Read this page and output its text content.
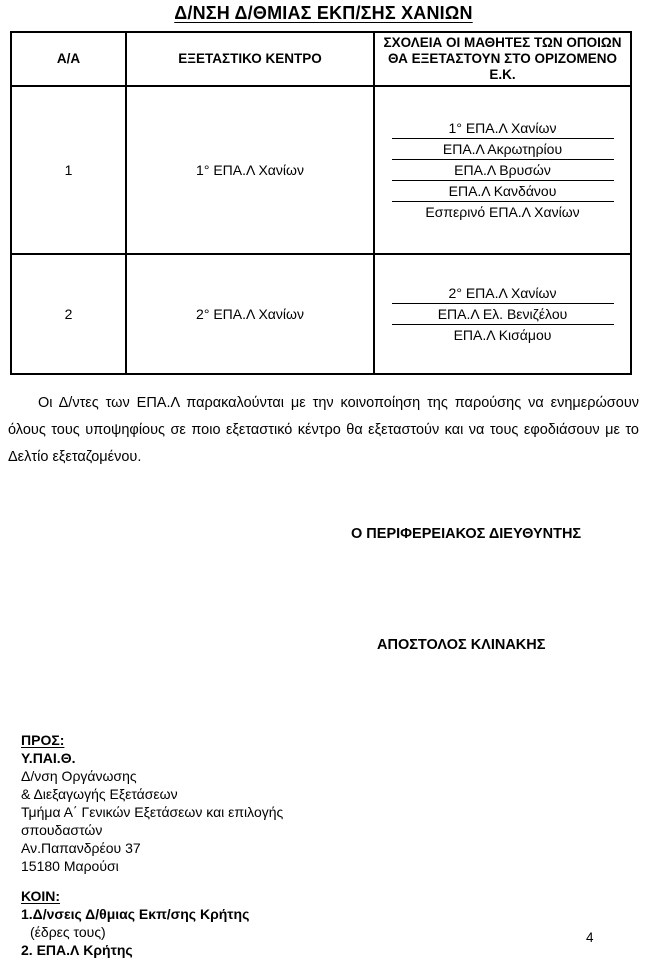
Δ/ΝΣΗ Δ/ΘΜΙΑΣ ΕΚΠ/ΣΗΣ ΧΑΝΙΩΝ
Α/Α	ΕΞΕΤΑΣΤΙΚΟ ΚΕΝΤΡΟ	ΣΧΟΛΕΙΑ ΟΙ ΜΑΘΗΤΕΣ ΤΩΝ ΟΠΟΙΩΝ ΘΑ ΕΞΕΤΑΣΤΟΥΝ ΣΤΟ ΟΡΙΖΟΜΕΝΟ Ε.Κ.
1	1° ΕΠΑ.Λ Χανίων	1° ΕΠΑ.Λ Χανίων
ΕΠΑ.Λ Ακρωτηρίου
ΕΠΑ.Λ Βρυσών
ΕΠΑ.Λ Κανδάνου
Εσπερινό ΕΠΑ.Λ Χανίων

2	2° ΕΠΑ.Λ Χανίων	2° ΕΠΑ.Λ Χανίων
ΕΠΑ.Λ Ελ. Βενιζέλου
ΕΠΑ.Λ Κισάμου

Οι Δ/ντες των ΕΠΑ.Λ παρακαλούνται με την κοινοποίηση της παρούσης να ενημερώσουν όλους τους υποψηφίους σε ποιο εξεταστικό κέντρο θα εξεταστούν και να τους εφοδιάσουν με το Δελτίο εξεταζομένου.

Ο ΠΕΡΙΦΕΡΕΙΑΚΟΣ ΔΙΕΥΘΥΝΤΗΣ
ΑΠΟΣΤΟΛΟΣ ΚΛΙΝΑΚΗΣ
ΠΡΟΣ:
Υ.ΠΑΙ.Θ.
Δ/νση Οργάνωσης
& Διεξαγωγής Εξετάσεων
Τμήμα Α΄ Γενικών Εξετάσεων και επιλογής
σπουδαστών
Αν.Παπανδρέου 37
15180 Μαρούσι
ΚΟΙΝ:
1.Δ/νσεις Δ/θμιας Εκπ/σης Κρήτης
(έδρες τους)
2. ΕΠΑ.Λ Κρήτης
4
